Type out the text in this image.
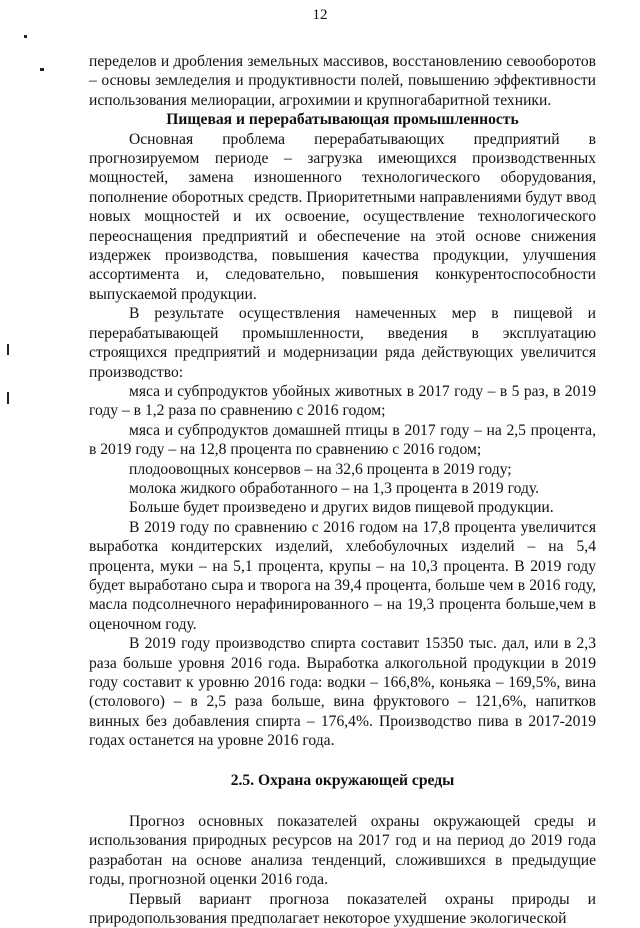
12

переделов и дробления земельных массивов, восстановлению севооборотов – основы земледелия и продуктивности полей, повышению эффективности использования мелиорации, агрохимии и крупногабаритной техники.

Пищевая и перерабатывающая промышленность

Основная проблема перерабатывающих предприятий в прогнозируемом периоде – загрузка имеющихся производственных мощностей, замена изношенного технологического оборудования, пополнение оборотных средств. Приоритетными направлениями будут ввод новых мощностей и их освоение, осуществление технологического переоснащения предприятий и обеспечение на этой основе снижения издержек производства, повышения качества продукции, улучшения ассортимента и, следовательно, повышения конкурентоспособности выпускаемой продукции.

В результате осуществления намеченных мер в пищевой и перерабатывающей промышленности, введения в эксплуатацию строящихся предприятий и модернизации ряда действующих увеличится производство:

мяса и субпродуктов убойных животных в 2017 году – в 5 раз, в 2019 году – в 1,2 раза по сравнению с 2016 годом;

мяса и субпродуктов домашней птицы в 2017 году – на 2,5 процента, в 2019 году – на 12,8 процента по сравнению с 2016 годом;

плодоовощных консервов – на 32,6 процента в 2019 году;

молока жидкого обработанного – на 1,3 процента в 2019 году.

Больше будет произведено и других видов пищевой продукции.

В 2019 году по сравнению с 2016 годом на 17,8 процента увеличится выработка кондитерских изделий, хлебобулочных изделий – на 5,4 процента, муки – на 5,1 процента, крупы – на 10,3 процента. В 2019 году будет выработано сыра и творога на 39,4 процента, больше чем в 2016 году, масла подсолнечного нерафинированного – на 19,3 процента больше,чем в оценочном году.

В 2019 году производство спирта составит 15350 тыс. дал, или в 2,3 раза больше уровня 2016 года. Выработка алкогольной продукции в 2019 году составит к уровню 2016 года: водки – 166,8%, коньяка – 169,5%, вина (столового) – в 2,5 раза больше, вина фруктового – 121,6%, напитков винных без добавления спирта – 176,4%. Производство пива в 2017-2019 годах останется на уровне 2016 года.

2.5. Охрана окружающей среды

Прогноз основных показателей охраны окружающей среды и использования природных ресурсов на 2017 год и на период до 2019 года разработан на основе анализа тенденций, сложившихся в предыдущие годы, прогнозной оценки 2016 года.

Первый вариант прогноза показателей охраны природы и природопользования предполагает некоторое ухудшение экологической
